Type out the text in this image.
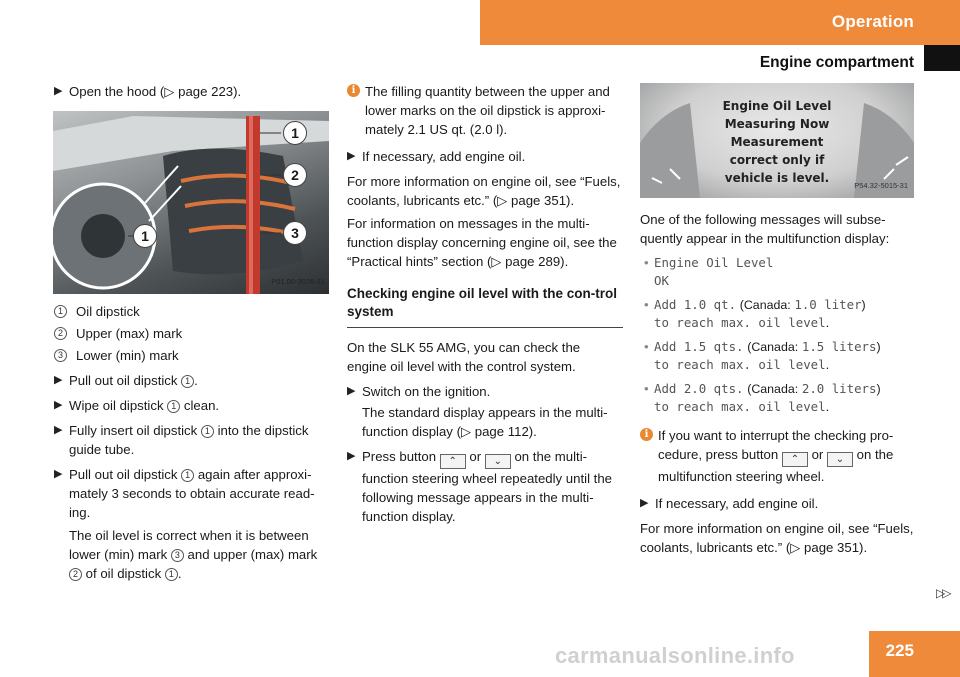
Operation
Engine compartment
▶ Open the hood (▷ page 223).
1
2
3
1
P01.00-3026-31
1 Oil dipstick
2 Upper (max) mark
3 Lower (min) mark
▶ Pull out oil dipstick 1 .
▶ Wipe oil dipstick 1 clean.
▶ Fully insert oil dipstick 1 into the dipstick guide tube.
▶ Pull out oil dipstick 1 again after approxi-mately 3 seconds to obtain accurate read-ing.
The oil level is correct when it is between lower (min) mark 3 and upper (max) mark 2 of oil dipstick 1 .
i The filling quantity between the upper and lower marks on the oil dipstick is approxi-mately 2.1 US qt. (2.0 l).
▶ If necessary, add engine oil.

For more information on engine oil, see “Fuels, coolants, lubricants etc.” (▷ page 351).

For information on messages in the multi-function display concerning engine oil, see the “Practical hints” section (▷ page 289).

Checking engine oil level with the con-trol system

On the SLK 55 AMG, you can check the engine oil level with the control system.

▶ Switch on the ignition.
The standard display appears in the multi-function display (▷ page 112).
▶ Press button ⌃ or ⌄ on the multi-function steering wheel repeatedly until the following message appears in the multi-function display.
Engine Oil Level
Measuring Now
Measurement
correct only if
vehicle is level.
P54.32-5015-31

One of the following messages will subse-quently appear in the multifunction display:

• Engine Oil Level
OK
• Add 1.0 qt. (Canada: 1.0 liter)
to reach max. oil level.
• Add 1.5 qts. (Canada: 1.5 liters)
to reach max. oil level.
• Add 2.0 qts. (Canada: 2.0 liters)
to reach max. oil level.
i If you want to interrupt the checking pro-cedure, press button ⌃ or ⌄ on the multifunction steering wheel.
▶ If necessary, add engine oil.

For more information on engine oil, see “Fuels, coolants, lubricants etc.” (▷ page 351).

▷▷
225
carmanualsonline.info
